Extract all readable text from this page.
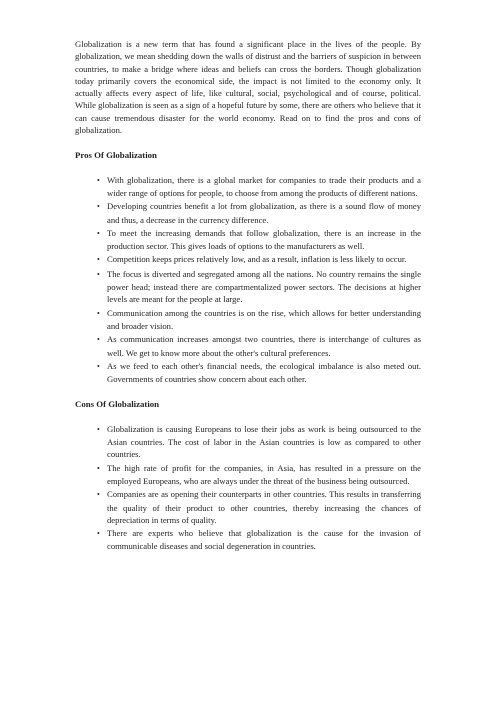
Globalization is a new term that has found a significant place in the lives of the people. By globalization, we mean shedding down the walls of distrust and the barriers of suspicion in between countries, to make a bridge where ideas and beliefs can cross the borders. Though globalization today primarily covers the economical side, the impact is not limited to the economy only. It actually affects every aspect of life, like cultural, social, psychological and of course, political. While globalization is seen as a sign of a hopeful future by some, there are others who believe that it can cause tremendous disaster for the world economy. Read on to find the pros and cons of globalization.

Pros Of Globalization
• With globalization, there is a global market for companies to trade their products and a wider range of options for people, to choose from among the products of different nations.
• Developing countries benefit a lot from globalization, as there is a sound flow of money and thus, a decrease in the currency difference.
• To meet the increasing demands that follow globalization, there is an increase in the production sector. This gives loads of options to the manufacturers as well.
• Competition keeps prices relatively low, and as a result, inflation is less likely to occur.
• The focus is diverted and segregated among all the nations. No country remains the single power head; instead there are compartmentalized power sectors. The decisions at higher levels are meant for the people at large.
• Communication among the countries is on the rise, which allows for better understanding and broader vision.
• As communication increases amongst two countries, there is interchange of cultures as well. We get to know more about the other's cultural preferences.
• As we feed to each other's financial needs, the ecological imbalance is also meted out. Governments of countries show concern about each other.
Cons Of Globalization
• Globalization is causing Europeans to lose their jobs as work is being outsourced to the Asian countries. The cost of labor in the Asian countries is low as compared to other countries.
• The high rate of profit for the companies, in Asia, has resulted in a pressure on the employed Europeans, who are always under the threat of the business being outsourced.
• Companies are as opening their counterparts in other countries. This results in transferring the quality of their product to other countries, thereby increasing the chances of depreciation in terms of quality.
• There are experts who believe that globalization is the cause for the invasion of communicable diseases and social degeneration in countries.
